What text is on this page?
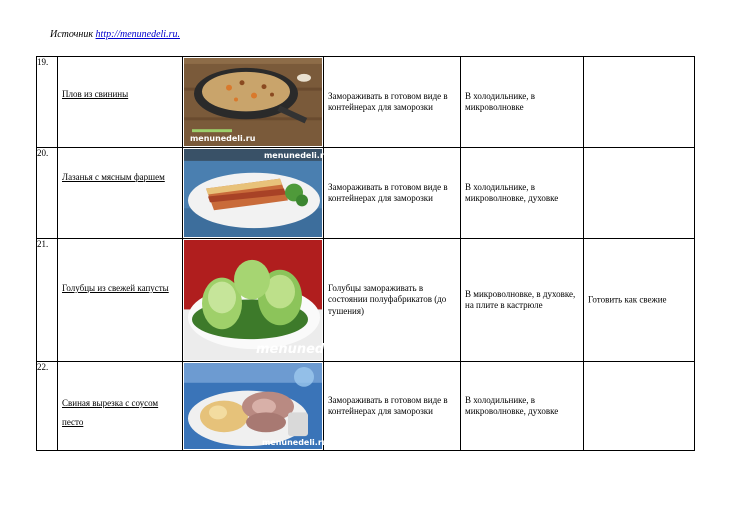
Источник http://menunedeli.ru.
19.	Плов из свинины	menunedeli.ru	Замораживать в готовом виде в контейнерах для заморозки	В холодильнике, в микроволновке	

20.	Лазанья с мясным фаршем	menunedeli.ru	Замораживать в готовом виде в контейнерах для заморозки	В холодильнике, в микроволновке, духовке	

21.	Голубцы из свежей капусты	menuned	Голубцы замораживать в состоянии полуфабрикатов (до тушения)	В микроволновке, в духовке, на плите в кастрюле	Готовить как свежие

22.	Свиная вырезка с соусом песто	menunedeli.ru	Замораживать в готовом виде в контейнерах для заморозки	В холодильнике, в микроволновке, духовке	
